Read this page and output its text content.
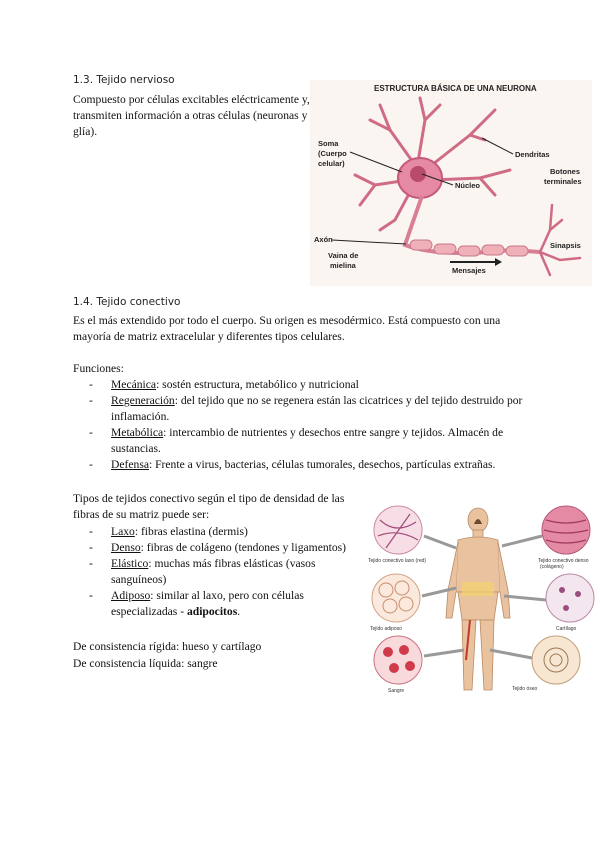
1.3. Tejido nervioso
Compuesto por células excitables eléctricamente y, transmiten información a otras células (neuronas y glía).
ESTRUCTURA BÁSICA DE UNA NEURONA
Soma
(Cuerpo
celular)
Dendritas
Núcleo
Botones
terminales
Axón
Vaina de
mielina
Sinapsis
Mensajes
1.4. Tejido conectivo
Es el más extendido por todo el cuerpo. Su origen es mesodérmico. Está compuesto con una mayoría de matriz extracelular y diferentes tipos celulares.
Funciones:
- Mecánica: sostén estructura, metabólico y nutricional
- Regeneración: del tejido que no se regenera están las cicatrices y del tejido destruido por inflamación.
- Metabólica: intercambio de nutrientes y desechos entre sangre y tejidos. Almacén de sustancias.
- Defensa: Frente a virus, bacterias, células tumorales, desechos, partículas extrañas.
Tipos de tejidos conectivo según el tipo de densidad de las fibras de su matriz puede ser:
- Laxo: fibras elastina (dermis)
- Denso: fibras de colágeno (tendones y ligamentos)
- Elástico: muchas más fibras elásticas (vasos sanguíneos)
- Adiposo: similar al laxo, pero con células especializadas - adipocitos.
De consistencia rígida: hueso y cartílago
De consistencia líquida: sangre
Tejido conectivo laxo (red)	Tejido conectivo denso
(colágeno)
Tejido adiposo	Cartílago
Sangre	Tejido óseo
